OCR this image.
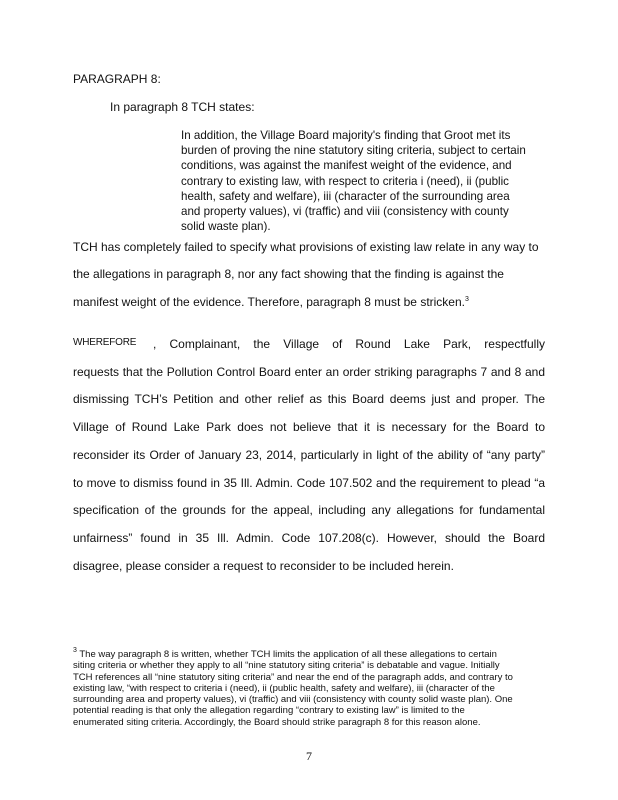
PARAGRAPH 8:
In paragraph 8 TCH states:
In addition, the Village Board majority's finding that Groot met its
burden of proving the nine statutory siting criteria, subject to certain
conditions, was against the manifest weight of the evidence, and
contrary to existing law, with respect to criteria i (need), ii (public
health, safety and welfare), iii (character of the surrounding area
and property values), vi (traffic) and viii (consistency with county
solid waste plan).
TCH has completely failed to specify what provisions of existing law relate in any way to
the allegations in paragraph 8, nor any fact showing that the finding is against the
manifest weight of the evidence. Therefore, paragraph 8 must be stricken.$^3$
WHEREFORE	, Complainant, the Village of Round Lake Park, respectfully
requests that the Pollution Control Board enter an order striking paragraphs 7 and 8 and
dismissing TCH’s Petition and other relief as this Board deems just and proper. The
Village of Round Lake Park does not believe that it is necessary for the Board to
reconsider its Order of January 23, 2014, particularly in light of the ability of “any party”
to move to dismiss found in 35 Ill. Admin. Code 107.502 and the requirement to plead “a
specification of the grounds for the appeal, including any allegations for fundamental
unfairness” found in 35 Ill. Admin. Code 107.208(c). However, should the Board
disagree, please consider a request to reconsider to be included herein.
$^3$ The way paragraph 8 is written, whether TCH limits the application of all these allegations to certain
siting criteria or whether they apply to all “nine statutory siting criteria” is debatable and vague. Initially
TCH references all “nine statutory siting criteria” and near the end of the paragraph adds, and contrary to
existing law, “with respect to criteria i (need), ii (public health, safety and welfare), iii (character of the
surrounding area and property values), vi (traffic) and viii (consistency with county solid waste plan). One
potential reading is that only the allegation regarding “contrary to existing law” is limited to the
enumerated siting criteria. Accordingly, the Board should strike paragraph 8 for this reason alone.
7
